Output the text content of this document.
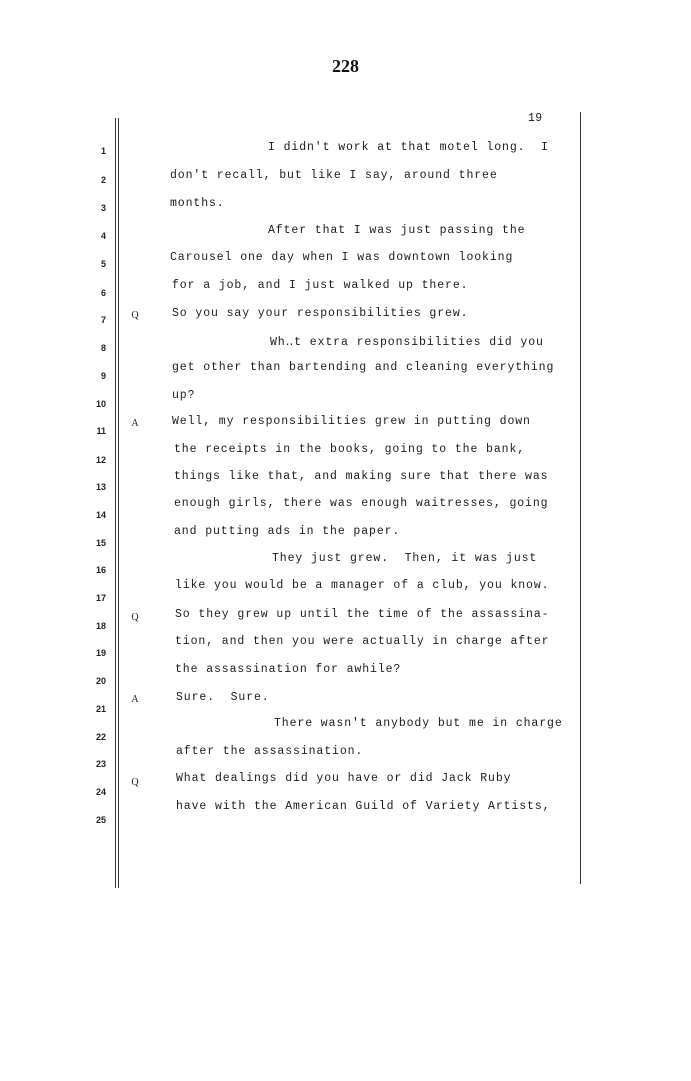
228
19
1
2
3
4
5
6
7
8
9
10
11
12
13
14
15
16
17
18
19
20
21
22
23
24
25
Q
A
Q
A
Q
I didn't work at that motel long.  I
don't recall, but like I say, around three
months.
After that I was just passing the
Carousel one day when I was downtown looking
for a job, and I just walked up there.
So you say your responsibilities grew.
Wh‥t extra responsibilities did you
get other than bartending and cleaning everything
up?
Well, my responsibilities grew in putting down
the receipts in the books, going to the bank,
things like that, and making sure that there was
enough girls, there was enough waitresses, going
and putting ads in the paper.
They just grew.  Then, it was just
like you would be a manager of a club, you know.
So they grew up until the time of the assassina-
tion, and then you were actually in charge after
the assassination for awhile?
Sure.  Sure.
There wasn't anybody but me in charge
after the assassination.
What dealings did you have or did Jack Ruby
have with the American Guild of Variety Artists,
